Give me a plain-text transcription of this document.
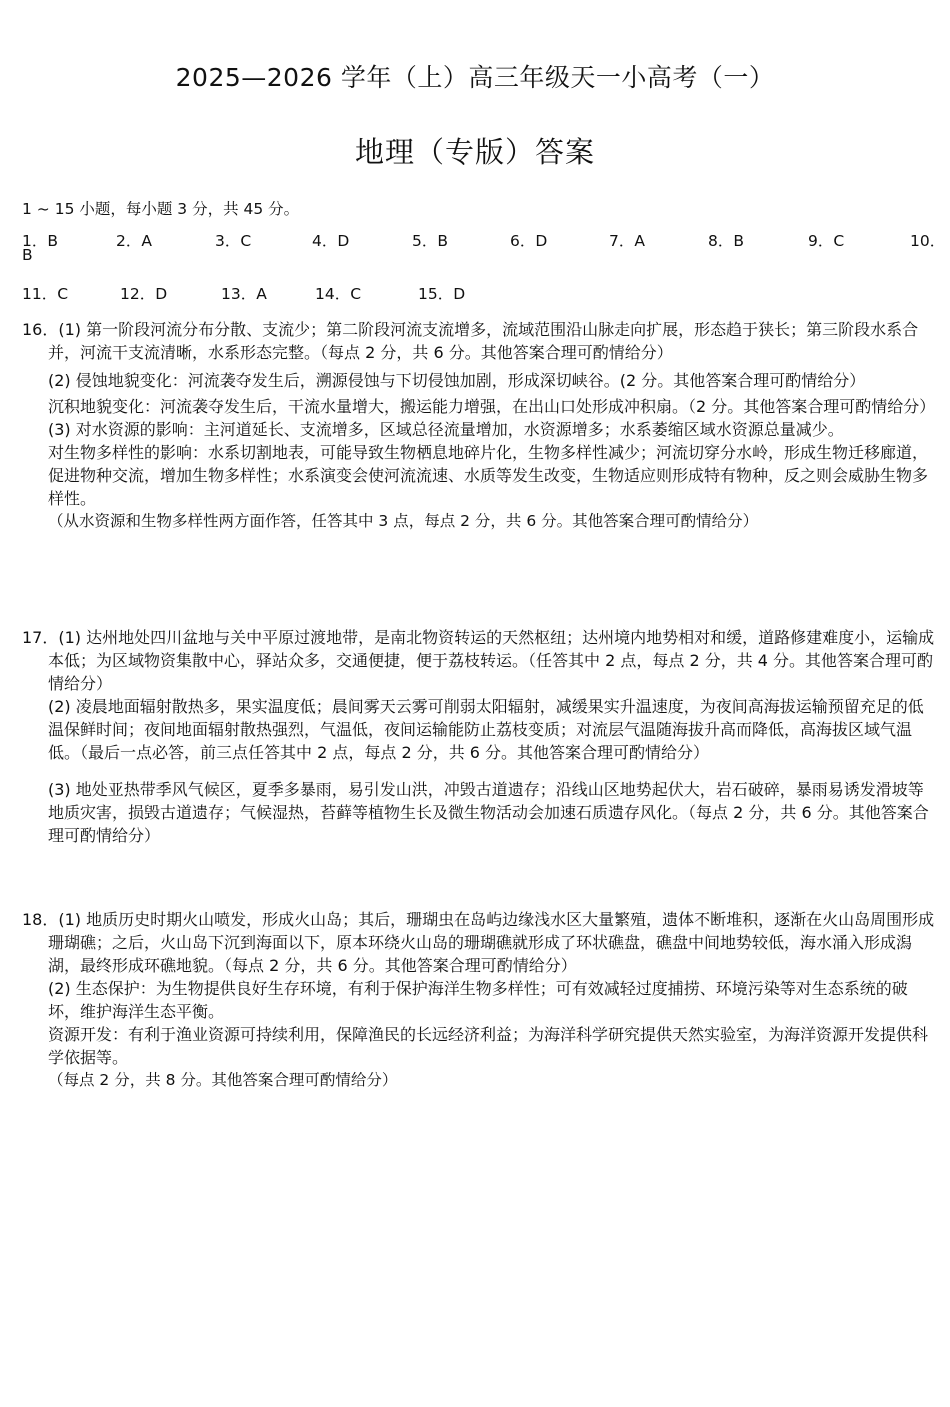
2025—2026 学年（上）高三年级天一小高考（一）
地理（专版）答案
1 ~ 15 小题，每小题 3 分，共 45 分。
1．B	2．A	3．C	4．D	5．B	6．D	7．A	8．B	9．C	10．
B
11．C	12．D	13．A	14．C	15．D

16．(1) 第一阶段河流分布分散、支流少；第二阶段河流支流增多，流域范围沿山脉走向扩展，形态趋于狭长；第三阶段水系合并，河流干支流清晰，水系形态完整。（每点 2 分，共 6 分。其他答案合理可酌情给分）

(2) 侵蚀地貌变化：河流袭夺发生后，溯源侵蚀与下切侵蚀加剧，形成深切峡谷。(2 分。其他答案合理可酌情给分）

沉积地貌变化：河流袭夺发生后，干流水量增大，搬运能力增强，在出山口处形成冲积扇。（2 分。其他答案合理可酌情给分）

(3) 对水资源的影响：主河道延长、支流增多，区域总径流量增加，水资源增多；水系萎缩区域水资源总量减少。

对生物多样性的影响：水系切割地表，可能导致生物栖息地碎片化，生物多样性减少；河流切穿分水岭，形成生物迁移廊道，促进物种交流，增加生物多样性；水系演变会使河流流速、水质等发生改变，生物适应则形成特有物种，反之则会威胁生物多样性。

（从水资源和生物多样性两方面作答，任答其中 3 点，每点 2 分，共 6 分。其他答案合理可酌情给分）

17．(1) 达州地处四川盆地与关中平原过渡地带，是南北物资转运的天然枢纽；达州境内地势相对和缓，道路修建难度小，运输成本低；为区域物资集散中心，驿站众多，交通便捷，便于荔枝转运。（任答其中 2 点，每点 2 分，共 4 分。其他答案合理可酌情给分）

(2) 凌晨地面辐射散热多，果实温度低；晨间雾天云雾可削弱太阳辐射，减缓果实升温速度，为夜间高海拔运输预留充足的低温保鲜时间；夜间地面辐射散热强烈，气温低，夜间运输能防止荔枝变质；对流层气温随海拔升高而降低，高海拔区域气温低。（最后一点必答，前三点任答其中 2 点，每点 2 分，共 6 分。其他答案合理可酌情给分）

(3) 地处亚热带季风气候区，夏季多暴雨，易引发山洪，冲毁古道遗存；沿线山区地势起伏大，岩石破碎，暴雨易诱发滑坡等地质灾害，损毁古道遗存；气候湿热，苔藓等植物生长及微生物活动会加速石质遗存风化。（每点 2 分，共 6 分。其他答案合理可酌情给分）

18．(1) 地质历史时期火山喷发，形成火山岛；其后，珊瑚虫在岛屿边缘浅水区大量繁殖，遗体不断堆积，逐渐在火山岛周围形成珊瑚礁；之后，火山岛下沉到海面以下，原本环绕火山岛的珊瑚礁就形成了环状礁盘，礁盘中间地势较低，海水涌入形成潟湖，最终形成环礁地貌。（每点 2 分，共 6 分。其他答案合理可酌情给分）

(2) 生态保护：为生物提供良好生存环境，有利于保护海洋生物多样性；可有效减轻过度捕捞、环境污染等对生态系统的破坏，维护海洋生态平衡。

资源开发：有利于渔业资源可持续利用，保障渔民的长远经济利益；为海洋科学研究提供天然实验室，为海洋资源开发提供科学依据等。

（每点 2 分，共 8 分。其他答案合理可酌情给分）
